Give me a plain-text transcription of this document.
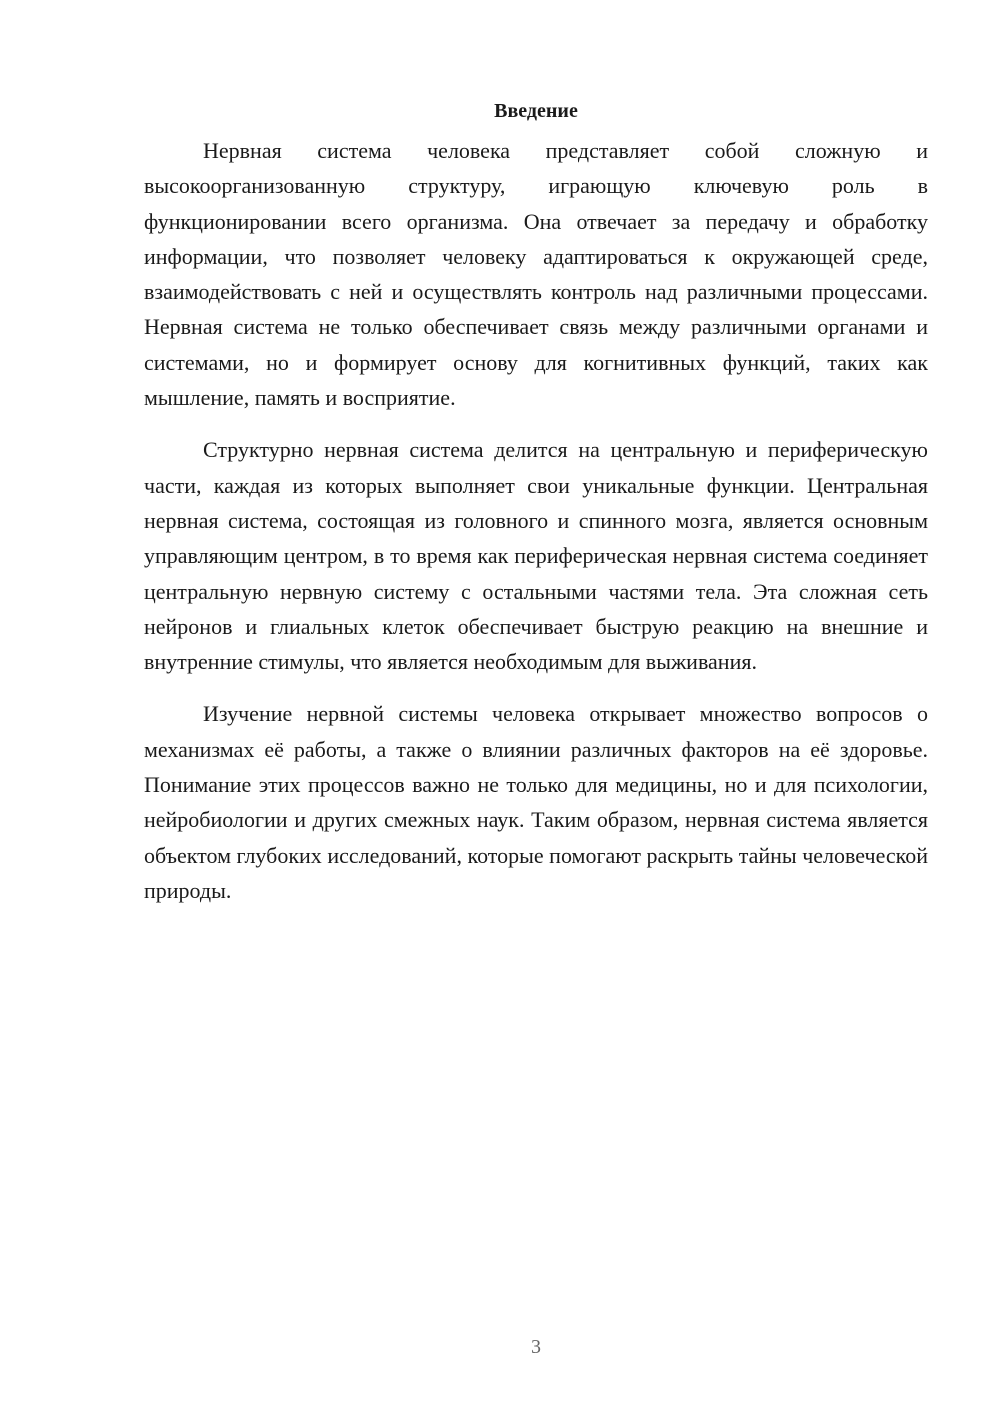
Введение

Нервная система человека представляет собой сложную и высокоорганизованную структуру, играющую ключевую роль в функционировании всего организма. Она отвечает за передачу и обработку информации, что позволяет человеку адаптироваться к окружающей среде, взаимодействовать с ней и осуществлять контроль над различными процессами. Нервная система не только обеспечивает связь между различными органами и системами, но и формирует основу для когнитивных функций, таких как мышление, память и восприятие.

Структурно нервная система делится на центральную и периферическую части, каждая из которых выполняет свои уникальные функции. Центральная нервная система, состоящая из головного и спинного мозга, является основным управляющим центром, в то время как периферическая нервная система соединяет центральную нервную систему с остальными частями тела. Эта сложная сеть нейронов и глиальных клеток обеспечивает быструю реакцию на внешние и внутренние стимулы, что является необходимым для выживания.

Изучение нервной системы человека открывает множество вопросов о механизмах её работы, а также о влиянии различных факторов на её здоровье. Понимание этих процессов важно не только для медицины, но и для психологии, нейробиологии и других смежных наук. Таким образом, нервная система является объектом глубоких исследований, которые помогают раскрыть тайны человеческой природы.

3
